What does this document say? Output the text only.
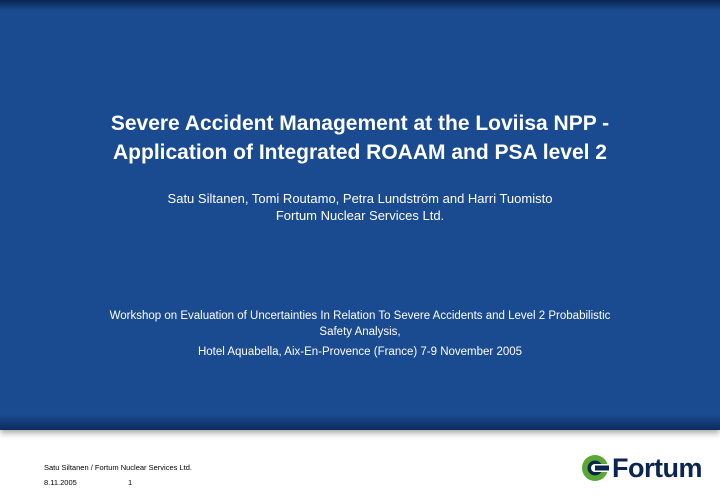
Severe Accident Management at the Loviisa NPP -
Application of Integrated ROAAM and PSA level 2
Satu Siltanen, Tomi Routamo, Petra Lundström and Harri Tuomisto
Fortum Nuclear Services Ltd.
Workshop on Evaluation of Uncertainties In Relation To Severe Accidents and Level 2 Probabilistic
Safety Analysis,
Hotel Aquabella, Aix-En-Provence (France) 7-9 November 2005
Satu Siltanen / Fortum Nuclear Services Ltd.
8.11.2005	1	Fortum
